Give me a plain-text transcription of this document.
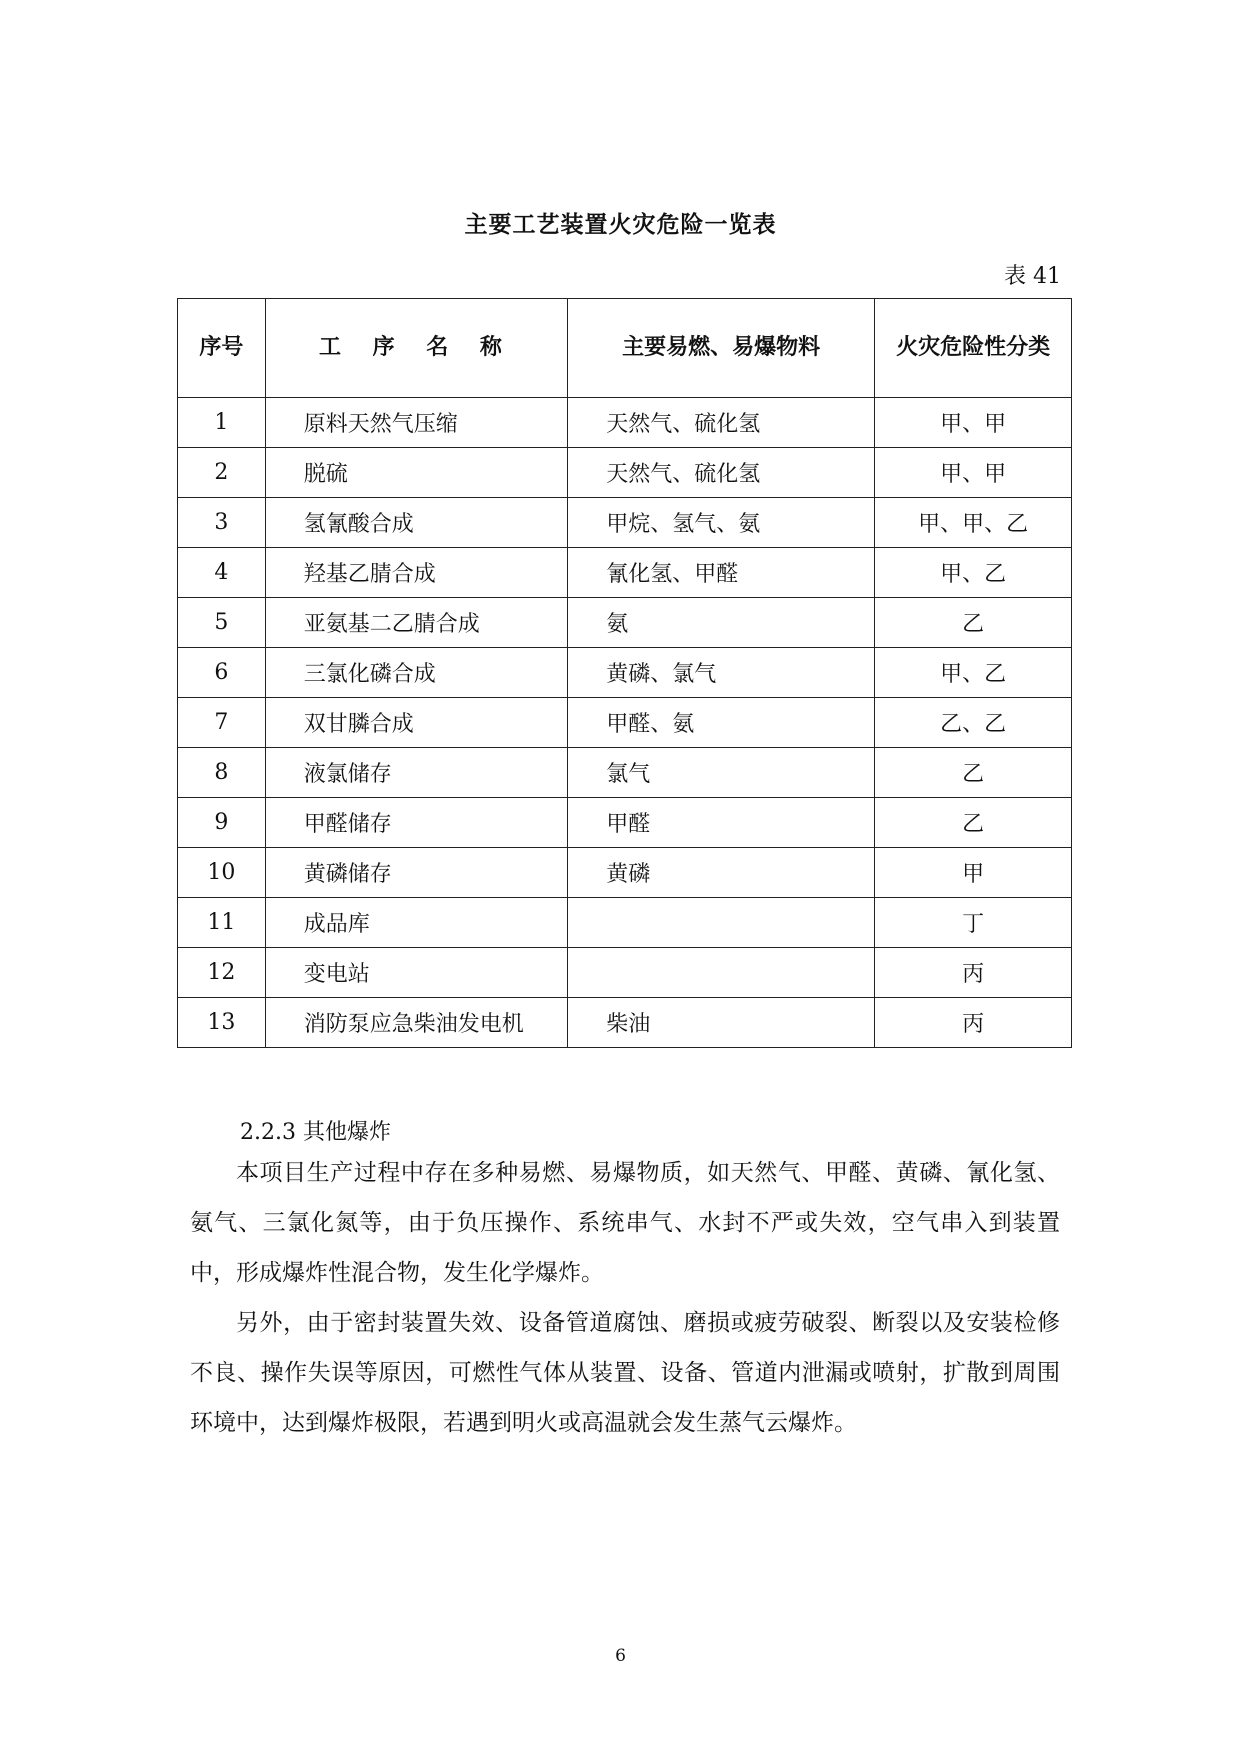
主要工艺装置火灾危险一览表
表 41
序号	工 序 名 称	主要易燃、易爆物料	火灾危险性分类
1	原料天然气压缩	天然气、硫化氢	甲、甲
2	脱硫	天然气、硫化氢	甲、甲
3	氢氰酸合成	甲烷、氢气、氨	甲、甲、乙
4	羟基乙腈合成	氰化氢、甲醛	甲、乙
5	亚氨基二乙腈合成	氨	乙
6	三氯化磷合成	黄磷、氯气	甲、乙
7	双甘膦合成	甲醛、氨	乙、乙
8	液氯储存	氯气	乙
9	甲醛储存	甲醛	乙
10	黄磷储存	黄磷	甲
11	成品库		丁
12	变电站		丙
13	消防泵应急柴油发电机	柴油	丙
2.2.3 其他爆炸

本项目生产过程中存在多种易燃、易爆物质，如天然气、甲醛、黄磷、氰化氢、氨气、三氯化氮等，由于负压操作、系统串气、水封不严或失效，空气串入到装置中，形成爆炸性混合物，发生化学爆炸。

另外，由于密封装置失效、设备管道腐蚀、磨损或疲劳破裂、断裂以及安装检修不良、操作失误等原因，可燃性气体从装置、设备、管道内泄漏或喷射，扩散到周围环境中，达到爆炸极限，若遇到明火或高温就会发生蒸气云爆炸。

6
